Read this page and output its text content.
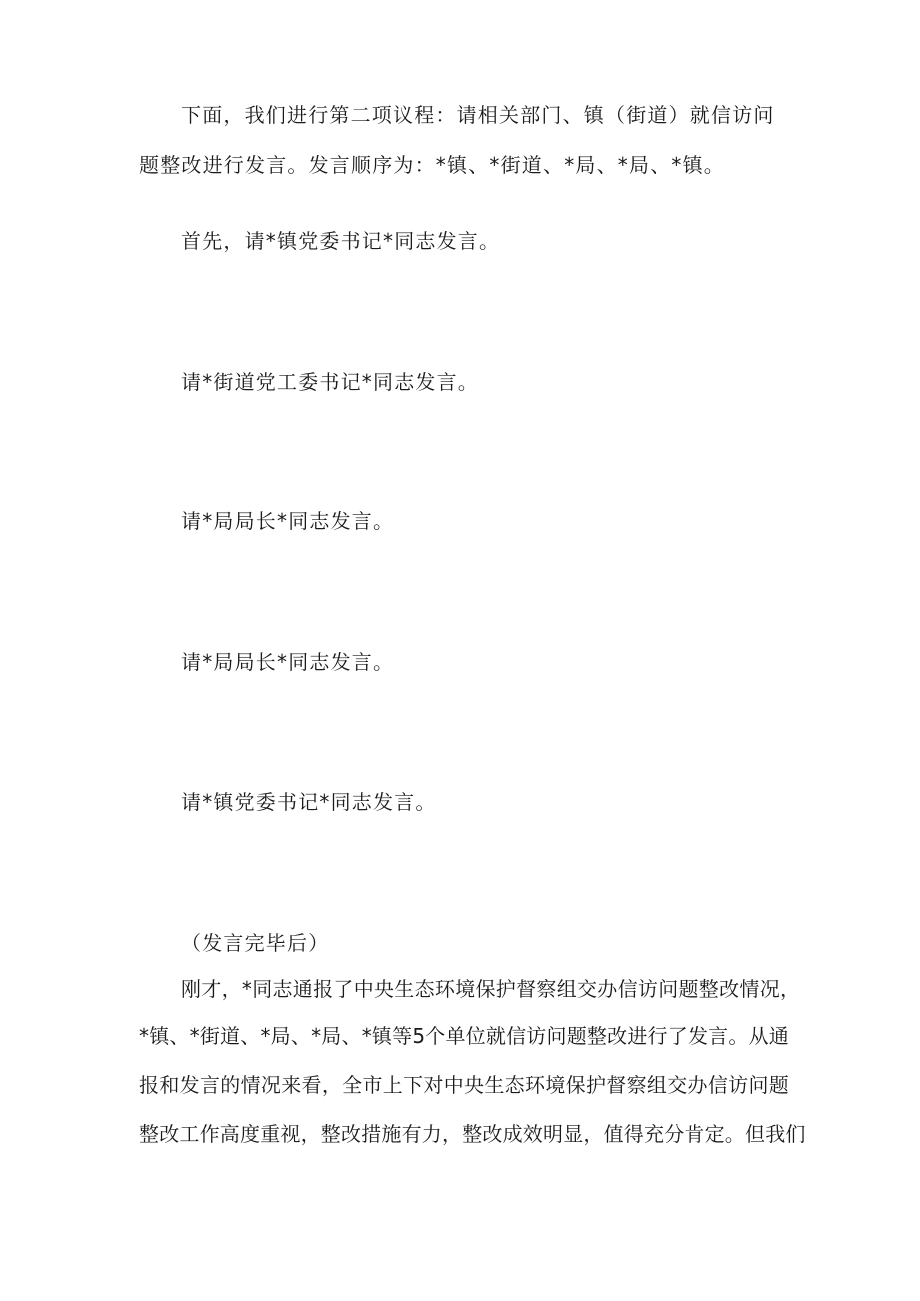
下面，我们进行第二项议程：请相关部门、镇（街道）就信访问
题整改进行发言。发言顺序为：*镇、*街道、*局、*局、*镇。
首先，请*镇党委书记*同志发言。
请*街道党工委书记*同志发言。
请*局局长*同志发言。
请*局局长*同志发言。
请*镇党委书记*同志发言。
（发言完毕后）
刚才，*同志通报了中央生态环境保护督察组交办信访问题整改情况，
*镇、*街道、*局、*局、*镇等5个单位就信访问题整改进行了发言。从通
报和发言的情况来看，全市上下对中央生态环境保护督察组交办信访问题
整改工作高度重视，整改措施有力，整改成效明显，值得充分肯定。但我们
